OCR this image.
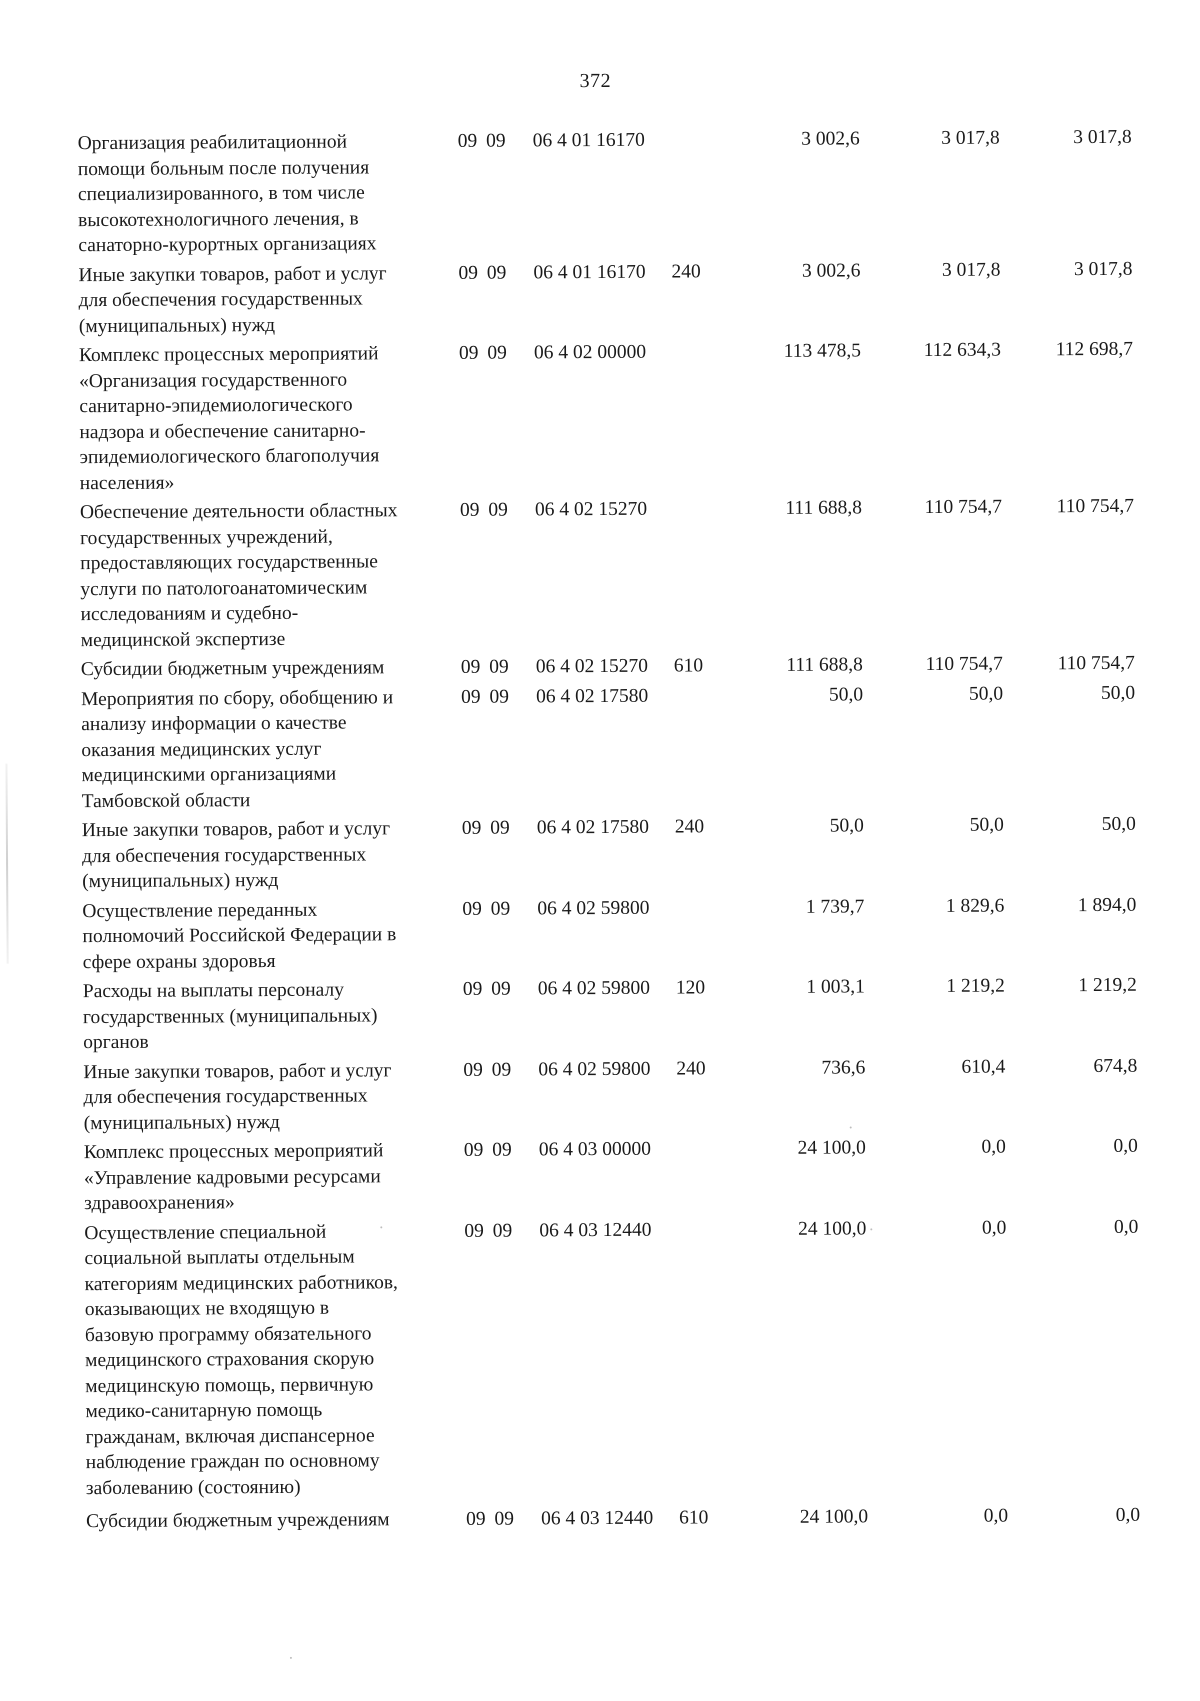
372
Организация реабилитационной
помощи больным после получения
специализированного, в том числе
высокотехнологичного лечения, в
санаторно-курортных организациях
09 09	06 4 01 16170	3 002,6	3 017,8	3 017,8
Иные закупки товаров, работ и услуг
для обеспечения государственных
(муниципальных) нужд
09 09	06 4 01 16170	240	3 002,6	3 017,8	3 017,8
Комплекс процессных мероприятий
«Организация государственного
санитарно-эпидемиологического
надзора и обеспечение санитарно-
эпидемиологического благополучия
населения»
09 09	06 4 02 00000	113 478,5	112 634,3	112 698,7
Обеспечение деятельности областных
государственных учреждений,
предоставляющих государственные
услуги по патологоанатомическим
исследованиям и судебно-
медицинской экспертизе
09 09	06 4 02 15270	111 688,8	110 754,7	110 754,7
Субсидии бюджетным учреждениям	09 09	06 4 02 15270	610	111 688,8	110 754,7	110 754,7
Мероприятия по сбору, обобщению и
анализу информации о качестве
оказания медицинских услуг
медицинскими организациями
Тамбовской области
09 09	06 4 02 17580	50,0	50,0	50,0
Иные закупки товаров, работ и услуг
для обеспечения государственных
(муниципальных) нужд
09 09	06 4 02 17580	240	50,0	50,0	50,0
Осуществление переданных
полномочий Российской Федерации в
сфере охраны здоровья
09 09	06 4 02 59800	1 739,7	1 829,6	1 894,0
Расходы на выплаты персоналу
государственных (муниципальных)
органов
09 09	06 4 02 59800	120	1 003,1	1 219,2	1 219,2
Иные закупки товаров, работ и услуг
для обеспечения государственных
(муниципальных) нужд
09 09	06 4 02 59800	240	736,6	610,4	674,8
Комплекс процессных мероприятий
«Управление кадровыми ресурсами
здравоохранения»
09 09	06 4 03 00000	24 100,0	0,0	0,0
Осуществление специальной
социальной выплаты отдельным
категориям медицинских работников,
оказывающих не входящую в
базовую программу обязательного
медицинского страхования скорую
медицинскую помощь, первичную
медико-санитарную помощь
гражданам, включая диспансерное
наблюдение граждан по основному
заболеванию (состоянию)
09 09	06 4 03 12440	24 100,0	0,0	0,0
Субсидии бюджетным учреждениям	09 09	06 4 03 12440	610	24 100,0	0,0	0,0
